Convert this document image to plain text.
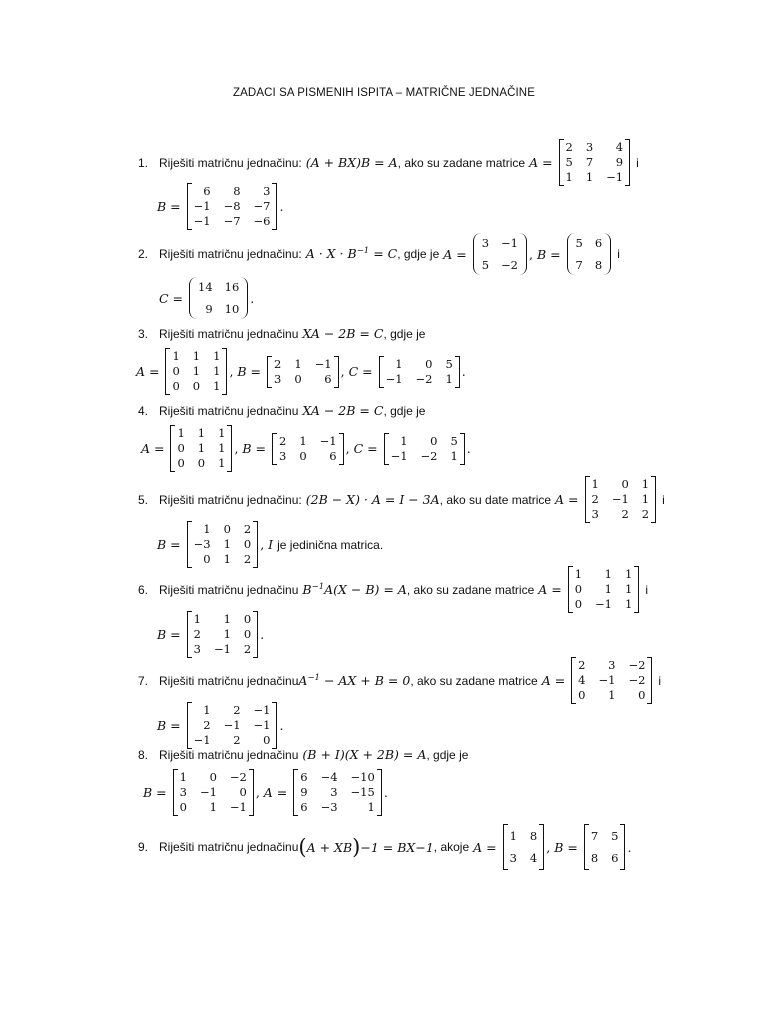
ZADACI SA PISMENIH ISPITA – MATRIČNE JEDNAČINE
1. Riješiti matričnu jednačinu: (A + BX)B = A , ako su zadane matrice A =
2 3	4
5 7	9
1 1 −1
i
B =
6	8	3
−1 −8 −7
−1 −7 −6
.
2. Riješiti matričnu jednačinu: $A \cdot X \cdot B^{-1} = C$ , gdje je A =
3 −1
5 −2
, B =
5 6
7 8
i
C =
14 16
9 10
.
3. Riješiti matričnu jednačinu XA − 2B = C , gdje je
A =
1 1 1
0 1 1
0 0 1
, B =
2 1 −1
3 0	6 , C =
1	0 5
−1 −2 1 .
4. Riješiti matričnu jednačinu XA − 2B = C , gdje je
A =
1 1 1
0 1 1
0 0 1
, B =
2 1 −1
3 0	6 , C =
1	0 5
−1 −2 1 .
5. Riješiti matričnu jednačinu: (2B − X) · A = I − 3A , ako su date matrice A =
1	0 1
2 −1 1
3	2 2
i
B =
1 0 2
−3 1 0
0 1 2
, I je jedinična matrica.
6. Riješiti matričnu jednačinu $B^{-1}A(X - B) = A$ , ako su zadane matrice A =
1	1 1
0	1 1
0 −1 1
i
B =
1	1 0
2	1 0
3 −1 2
.
7. Riješiti matričnu jednačinu $A^{-1}$
− AX + B = 0 , ako su zadane matrice A =
2	3 −2
4 −1 −2
0	1	0
i
B =
1	2 −1
2 −1 −1
−1	2	0
.
8. Riješiti matričnu jednačinu (B + I)(X + 2B) = A , gdje je
B =
1	0 −2
3 −1	0
0	1 −1
, A =
6 −4 −10
9	3 −15
6 −3	1
.
9. Riješiti matričnu jednačinu ( A + XB ) −1 = BX −1 , akoje A =
1 8
3 4
, B =
7 5
8 6
.
